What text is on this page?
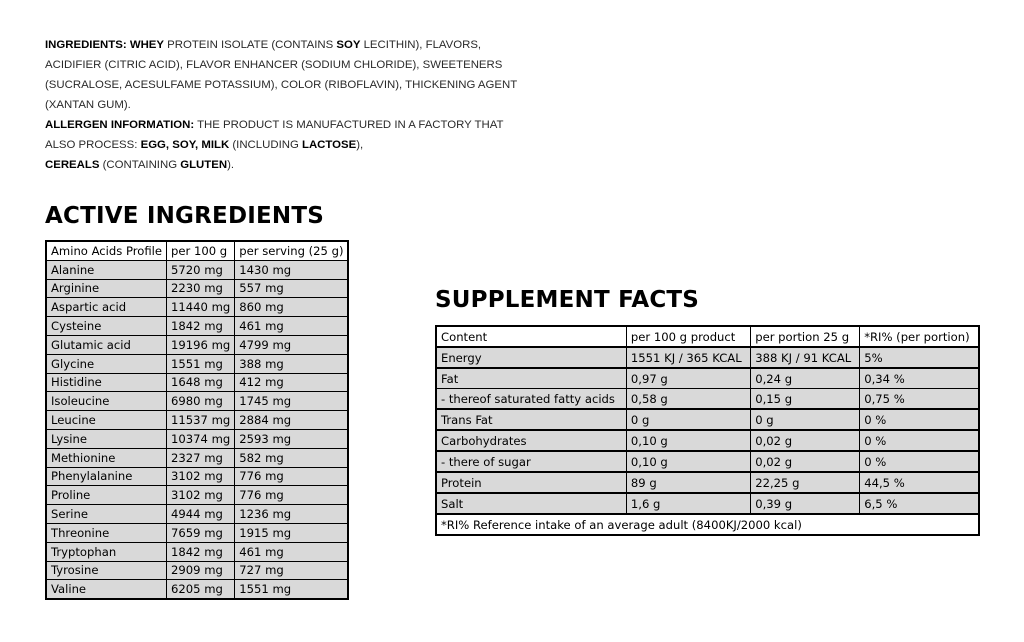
INGREDIENTS: WHEY PROTEIN ISOLATE (CONTAINS SOY LECITHIN), FLAVORS, ACIDIFIER (CITRIC ACID), FLAVOR ENHANCER (SODIUM CHLORIDE), SWEETENERS (SUCRALOSE, ACESULFAME POTASSIUM), COLOR (RIBOFLAVIN), THICKENING AGENT (XANTAN GUM).

ALLERGEN INFORMATION: THE PRODUCT IS MANUFACTURED IN A FACTORY THAT ALSO PROCESS: EGG, SOY, MILK (INCLUDING LACTOSE),
CEREALS (CONTAINING GLUTEN).

ACTIVE INGREDIENTS
Amino Acids Profile	per 100 g	per serving (25 g)
Alanine	5720 mg	1430 mg
Arginine	2230 mg	557 mg
Aspartic acid	11440 mg	860 mg
Cysteine	1842 mg	461 mg
Glutamic acid	19196 mg	4799 mg
Glycine	1551 mg	388 mg
Histidine	1648 mg	412 mg
Isoleucine	6980 mg	1745 mg
Leucine	11537 mg	2884 mg
Lysine	10374 mg	2593 mg
Methionine	2327 mg	582 mg
Phenylalanine	3102 mg	776 mg
Proline	3102 mg	776 mg
Serine	4944 mg	1236 mg
Threonine	7659 mg	1915 mg
Tryptophan	1842 mg	461 mg
Tyrosine	2909 mg	727 mg
Valine	6205 mg	1551 mg
SUPPLEMENT FACTS
Content	per 100 g product	per portion 25 g	*RI% (per portion)
Energy	1551 KJ / 365 KCAL	388 KJ / 91 KCAL	5%
Fat	0,97 g	0,24 g	0,34 %
- thereof saturated fatty acids	0,58 g	0,15 g	0,75 %
Trans Fat	0 g	0 g	0 %
Carbohydrates	0,10 g	0,02 g	0 %
- there of sugar	0,10 g	0,02 g	0 %
Protein	89 g	22,25 g	44,5 %
Salt	1,6 g	0,39 g	6,5 %
*RI% Reference intake of an average adult (8400KJ/2000 kcal)			
